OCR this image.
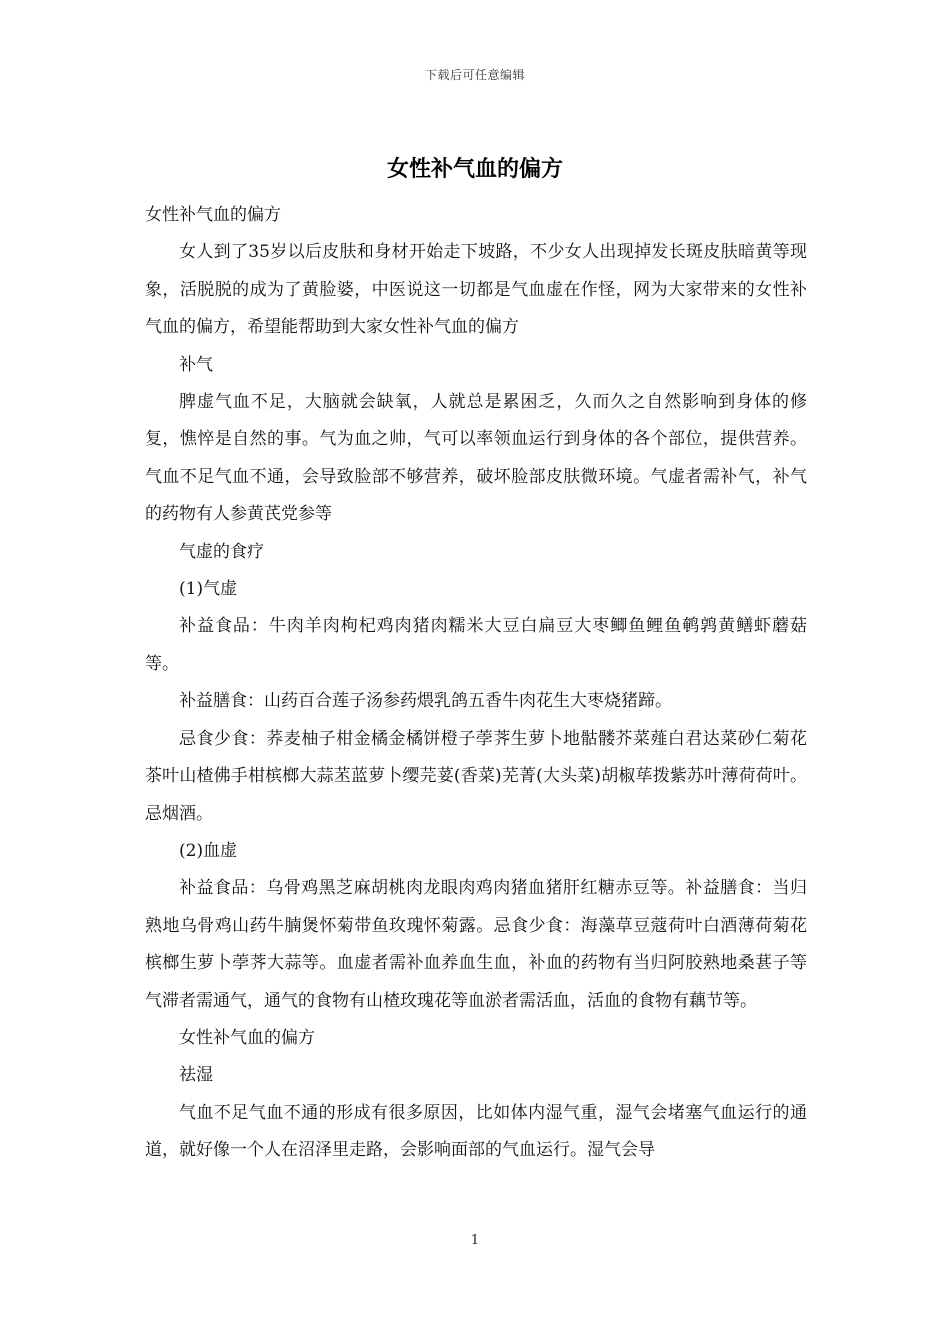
下载后可任意编辑
女性补气血的偏方

女性补气血的偏方

女人到了35岁以后皮肤和身材开始走下坡路，不少女人出现掉发长斑皮肤暗黄等现象，活脱脱的成为了黄脸婆，中医说这一切都是气血虚在作怪，网为大家带来的女性补气血的偏方，希望能帮助到大家女性补气血的偏方

补气

脾虚气血不足，大脑就会缺氧，人就总是累困乏，久而久之自然影响到身体的修复，憔悴是自然的事。气为血之帅，气可以率领血运行到身体的各个部位，提供营养。气血不足气血不通，会导致脸部不够营养，破坏脸部皮肤微环境。气虚者需补气，补气的药物有人参黄芪党参等

气虚的食疗

(1)气虚

补益食品：牛肉羊肉枸杞鸡肉猪肉糯米大豆白扁豆大枣鲫鱼鲤鱼鹌鹑黄鳝虾蘑菇等。

补益膳食：山药百合莲子汤参药煨乳鸽五香牛肉花生大枣烧猪蹄。

忌食少食：荞麦柚子柑金橘金橘饼橙子荸荠生萝卜地骷髅芥菜薤白君达菜砂仁菊花茶叶山楂佛手柑槟榔大蒜苤蓝萝卜缨芫荽(香菜)芜菁(大头菜)胡椒荜拨紫苏叶薄荷荷叶。忌烟酒。

(2)血虚

补益食品：乌骨鸡黑芝麻胡桃肉龙眼肉鸡肉猪血猪肝红糖赤豆等。补益膳食：当归熟地乌骨鸡山药牛腩煲怀菊带鱼玫瑰怀菊露。忌食少食：海藻草豆蔻荷叶白酒薄荷菊花槟榔生萝卜荸荠大蒜等。血虚者需补血养血生血，补血的药物有当归阿胶熟地桑葚子等气滞者需通气，通气的食物有山楂玫瑰花等血淤者需活血，活血的食物有藕节等。

女性补气血的偏方

祛湿

气血不足气血不通的形成有很多原因，比如体内湿气重，湿气会堵塞气血运行的通道，就好像一个人在沼泽里走路，会影响面部的气血运行。湿气会导

1
